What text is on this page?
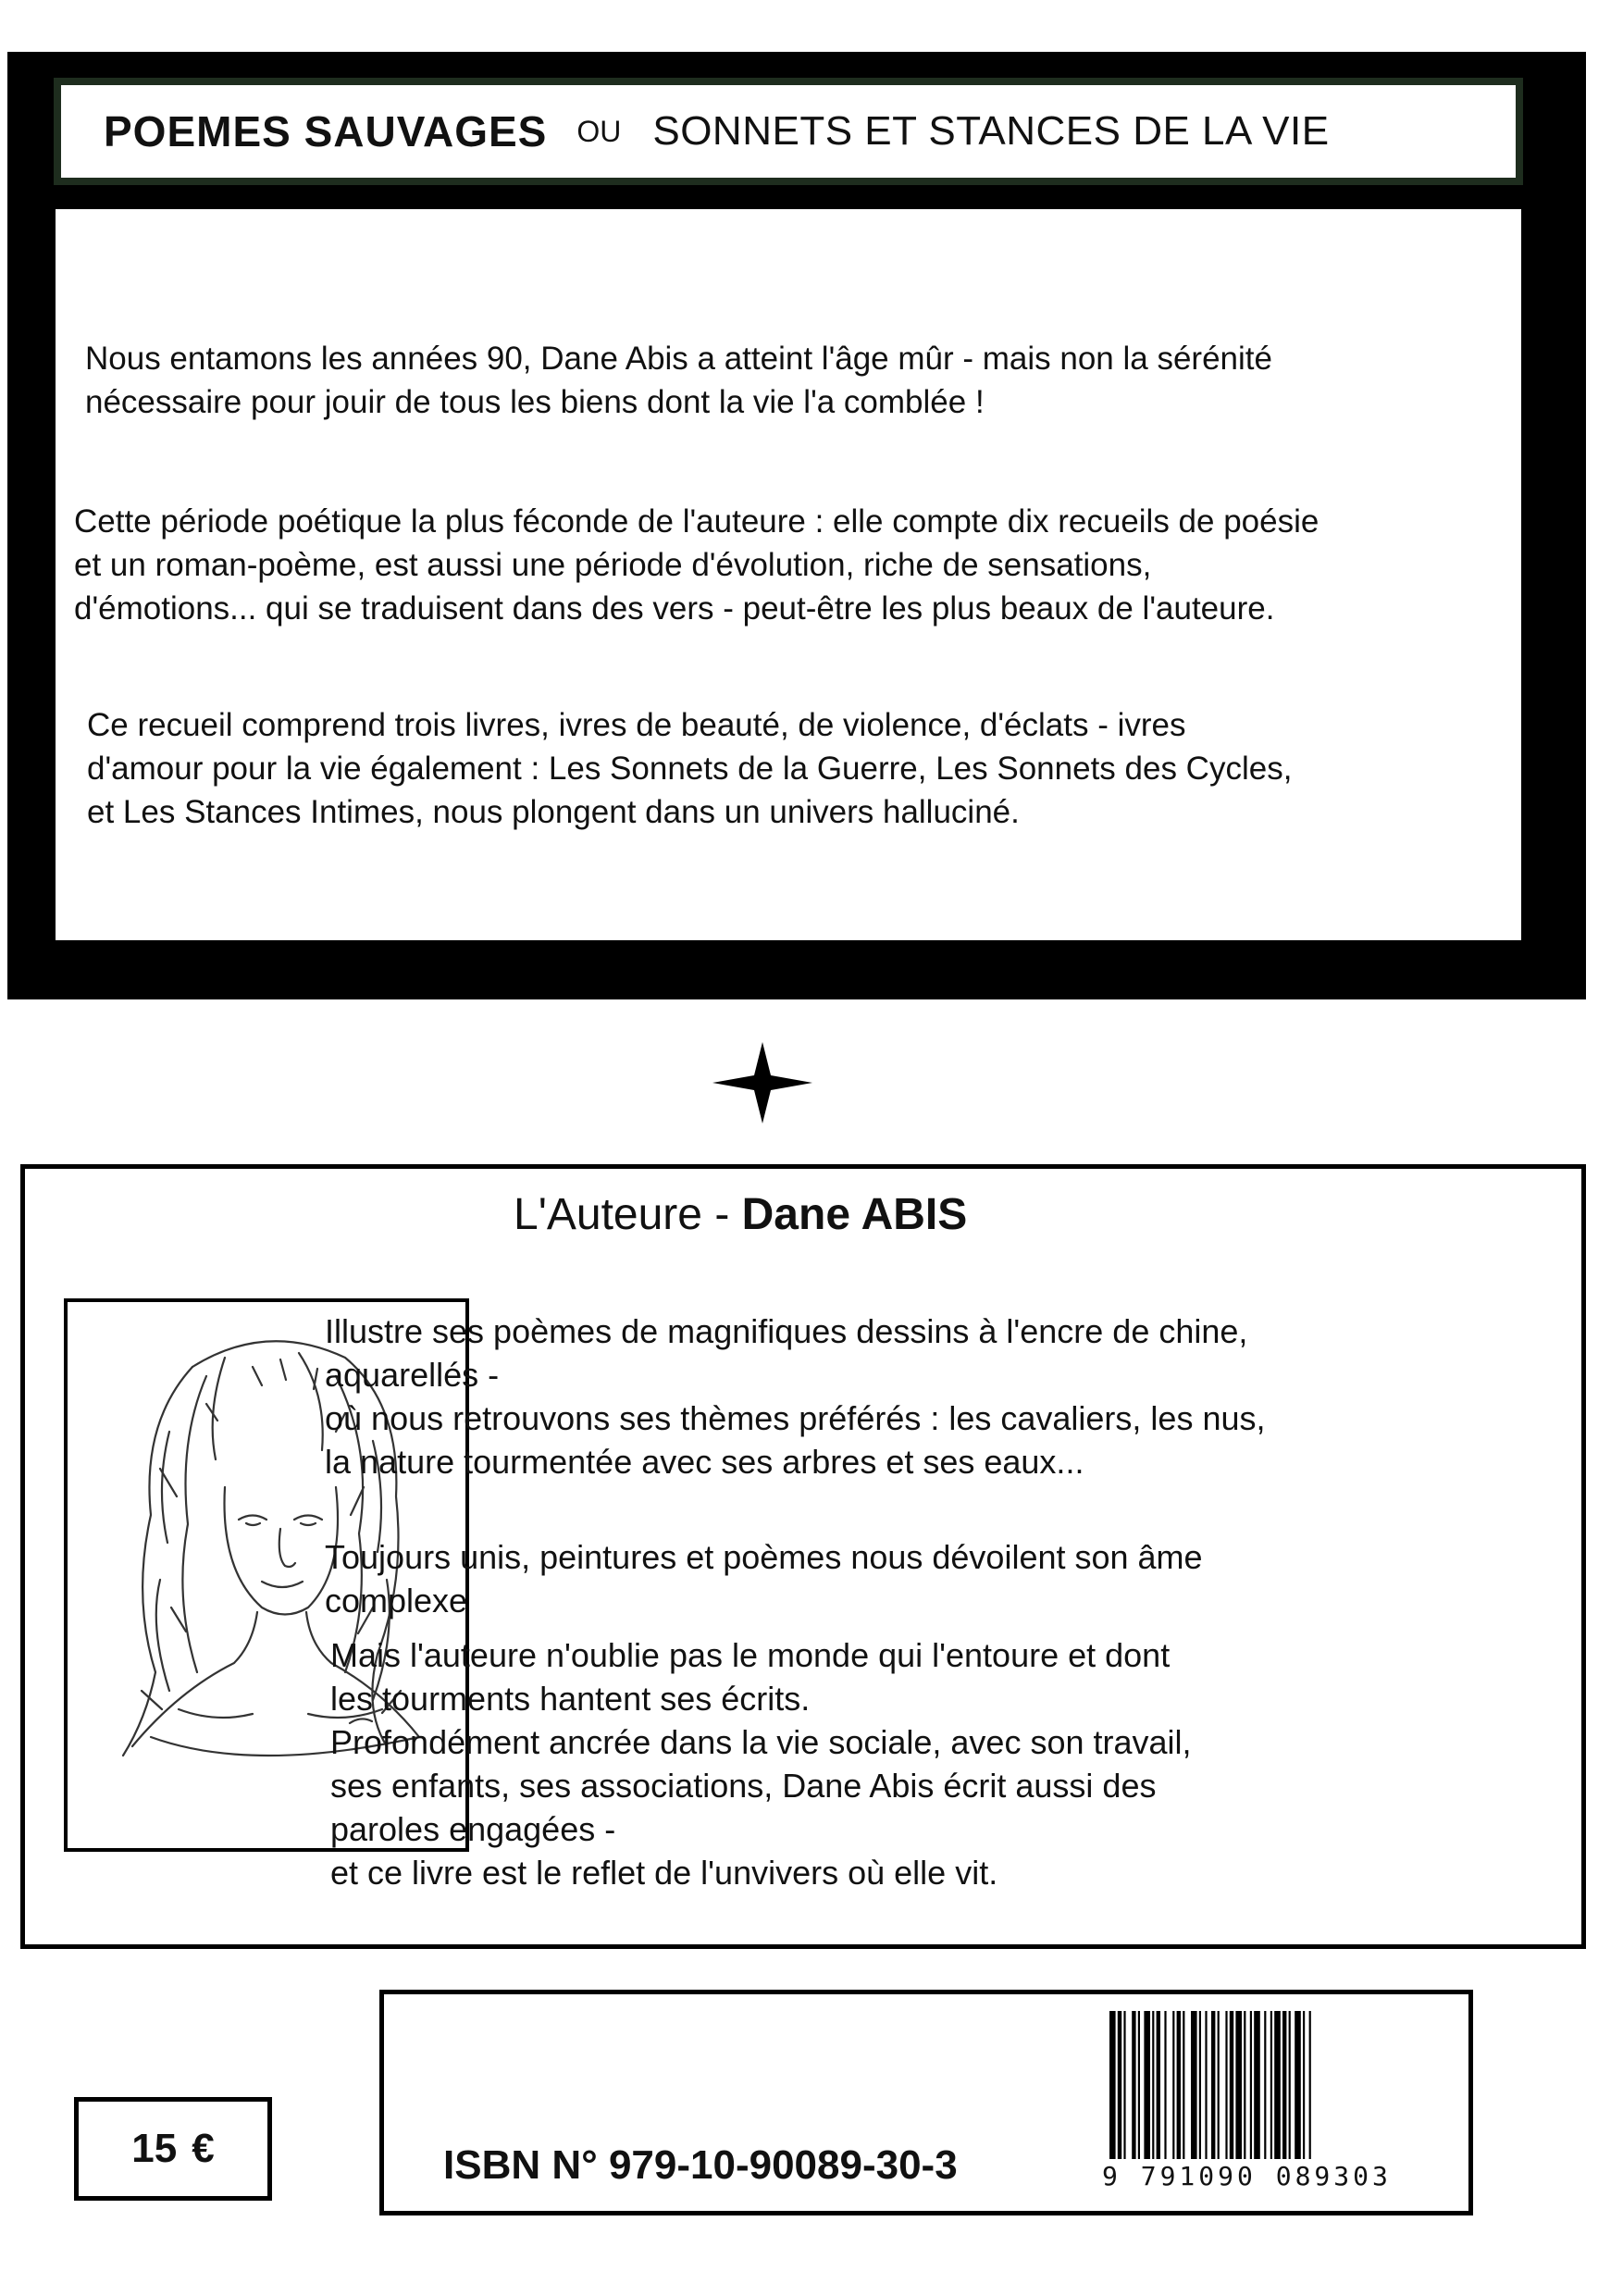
POEMES SAUVAGES OU SONNETS ET STANCES DE LA VIE

Nous entamons les années 90, Dane Abis a atteint l'âge mûr - mais non la sérénité
nécessaire pour jouir de tous les biens dont la vie l'a comblée !

Cette période poétique la plus féconde de l'auteure : elle compte dix recueils de poésie
et un roman-poème, est aussi une période d'évolution, riche de sensations,
d'émotions... qui se traduisent dans des vers - peut-être les plus beaux de l'auteure.

Ce recueil comprend trois livres, ivres de beauté, de violence, d'éclats - ivres
d'amour pour la vie également : Les Sonnets de la Guerre, Les Sonnets des Cycles,
et Les Stances Intimes, nous plongent dans un univers halluciné.

L'Auteure - Dane ABIS

Illustre ses poèmes de magnifiques dessins à l'encre de chine,
aquarellés -
où nous retrouvons ses thèmes préférés : les cavaliers, les nus,
la nature tourmentée avec ses arbres et ses eaux...

Toujours unis, peintures et poèmes nous dévoilent son âme
complexe

Mais l'auteure n'oublie pas le monde qui l'entoure et dont
les tourments hantent ses écrits.
Profondément ancrée dans la vie sociale, avec son travail,
ses enfants, ses associations, Dane Abis écrit aussi des
paroles engagées -
et ce livre est le reflet de l'unvivers où elle vit.

ISBN N° 979-10-90089-30-3	9 791090 089303

15 €
